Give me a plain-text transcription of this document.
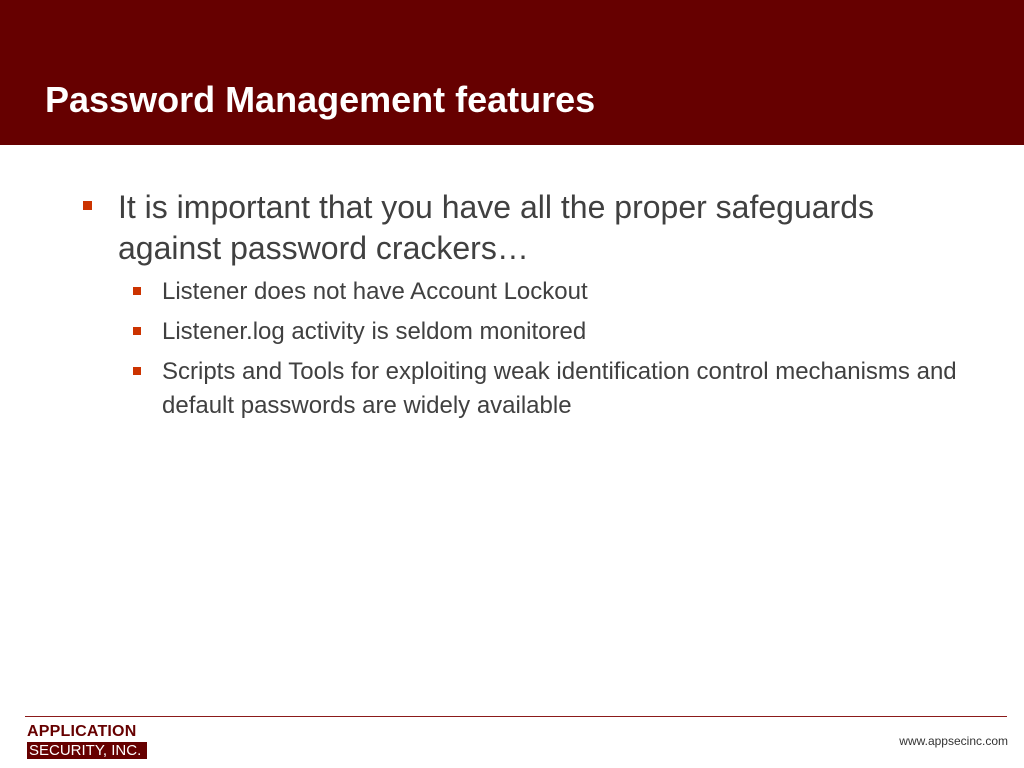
Password Management features
It is important that you have all the proper safeguards against password crackers…
Listener does not have Account Lockout
Listener.log activity is seldom monitored
Scripts and Tools for exploiting weak identification control mechanisms and default passwords are widely available
APPLICATION
SECURITY, INC.
www.appsecinc.com
